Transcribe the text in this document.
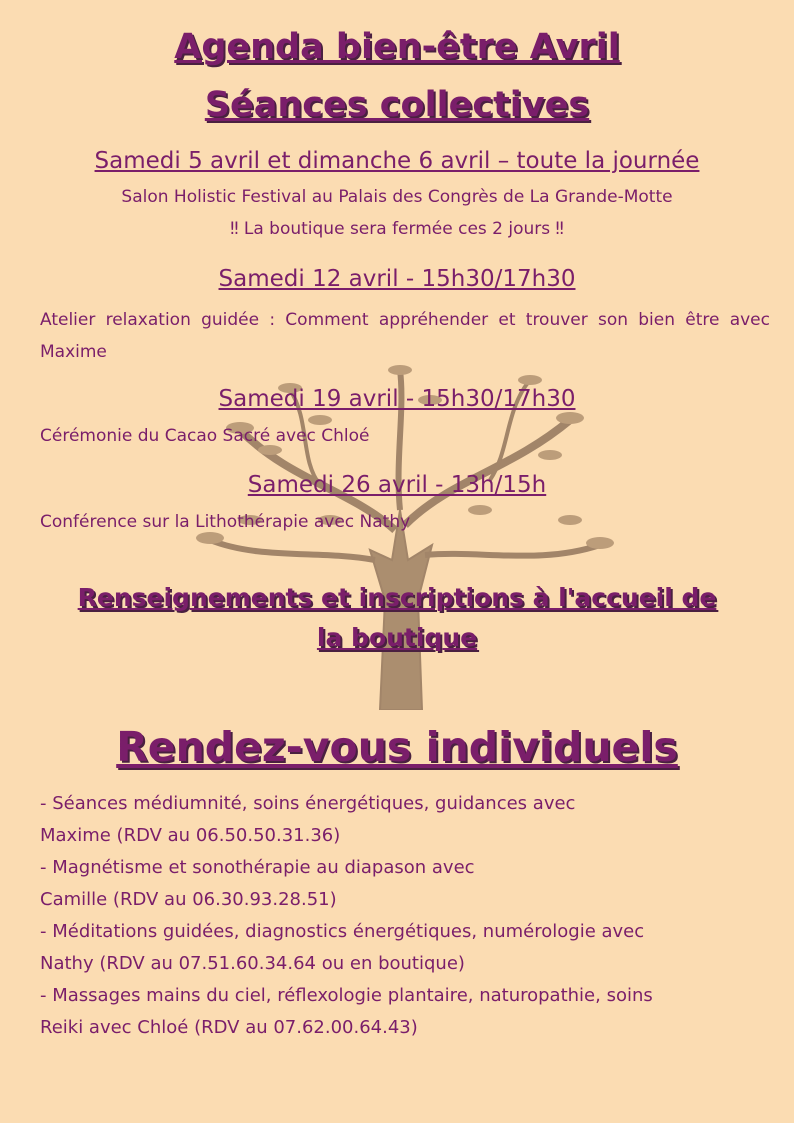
Agenda bien-être Avril

Séances collectives

Samedi 5 avril et dimanche 6 avril – toute la journée

Salon Holistic Festival au Palais des Congrès de La Grande-Motte

‼ La boutique sera fermée ces 2 jours ‼

Samedi 12 avril - 15h30/17h30

Atelier relaxation guidée : Comment appréhender et trouver son bien être avec Maxime

Samedi 19 avril - 15h30/17h30

Cérémonie du Cacao Sacré avec Chloé

Samedi 26 avril - 13h/15h

Conférence sur la Lithothérapie avec Nathy

Renseignements et inscriptions à l'accueil de

la boutique

Rendez-vous individuels

- Séances médiumnité, soins énergétiques, guidances avec

Maxime (RDV au 06.50.50.31.36)

- Magnétisme et sonothérapie au diapason avec

Camille (RDV au 06.30.93.28.51)

- Méditations guidées, diagnostics énergétiques, numérologie avec

Nathy (RDV au 07.51.60.34.64 ou en boutique)

- Massages mains du ciel, réflexologie plantaire, naturopathie, soins

Reiki avec Chloé (RDV au 07.62.00.64.43)
